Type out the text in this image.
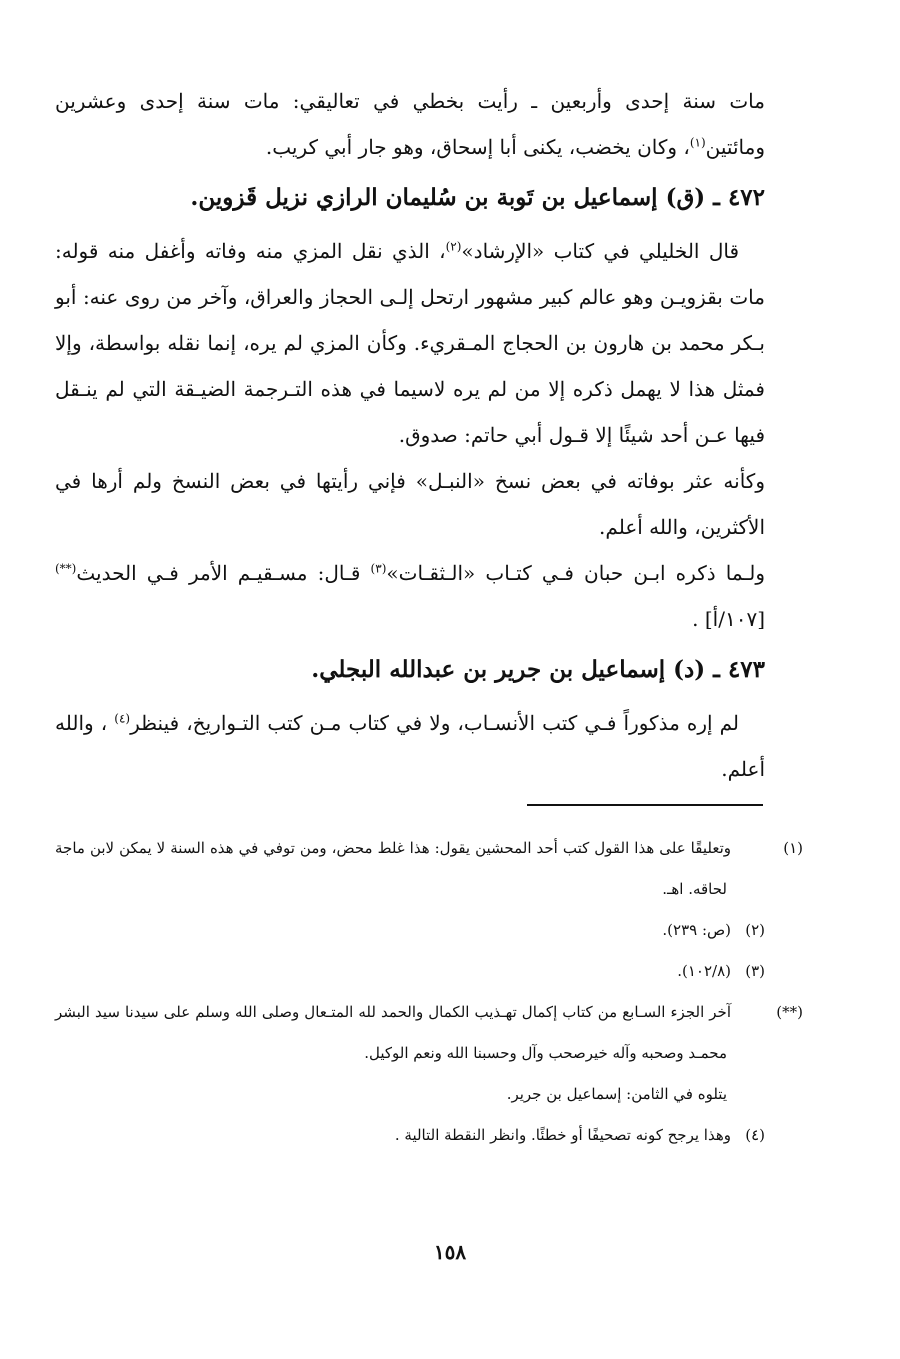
مات سنة إحدى وأربعين ـ رأيت بخطي في تعاليقي: مات سنة إحدى وعشرين ومائتين$^{(١)}$، وكان يخضب، يكنى أبا إسحاق، وهو جار أبي كريب.

٤٧٢ ـ (ق) إسماعيل بن تَوبة بن سُليمان الرازي نزيل قَزوين.

قال الخليلي في كتاب «الإرشاد»$^{(٢)}$، الذي نقل المزي منه وفاته وأغفل منه قوله: مات بقزويـن وهو عالم كبير مشهور ارتحل إلـى الحجاز والعراق، وآخر من روى عنه: أبو بـكر محمد بن هارون بن الحجاج المـقريء. وكأن المزي لم يره، إنما نقله بواسطة، وإلا فمثل هذا لا يهمل ذكره إلا من لم يره لاسيما في هذه التـرجمة الضيـقة التي لم ينـقل فيها عـن أحد شيئًا إلا قـول أبي حاتم: صدوق.

وكأنه عثر بوفاته في بعض نسخ «النبـل» فإني رأيتها في بعض النسخ ولم أرها في الأكثرين، والله أعلم.

ولـما ذكره ابـن حبان فـي كتـاب «الـثقـات»$^{(٣)}$ قـال: مسـقيـم الأمر فـي الحديث(**)[١٠٧/أ] .

٤٧٣ ـ (د) إسماعيل بن جرير بن عبدالله البجلي.

لم إره مذكوراً فـي كتب الأنسـاب، ولا في كتاب مـن كتب التـواريخ، فينظر$^{(٤)}$ ، والله أعلم.

(١)وتعليقًا على هذا القول كتب أحد المحشين يقول: هذا غلط محض، ومن توفي في هذه السنة لا يمكن لابن ماجة لحاقه. اهـ.

(٢)(ص: ٢٣٩).

(٣)(١٠٢/٨).

(**)آخر الجزء السـابع من كتاب إكمال تهـذيب الكمال والحمد لله المتـعال وصلى الله وسلم على سيدنا سيد البشر محمـد وصحبه وآله خيرصحب وآل وحسبنا الله ونعم الوكيل.

يتلوه في الثامن: إسماعيل بن جرير.

(٤)وهذا يرجح كونه تصحيفًا أو خطئًا. وانظر النقطة التالية .

١٥٨
